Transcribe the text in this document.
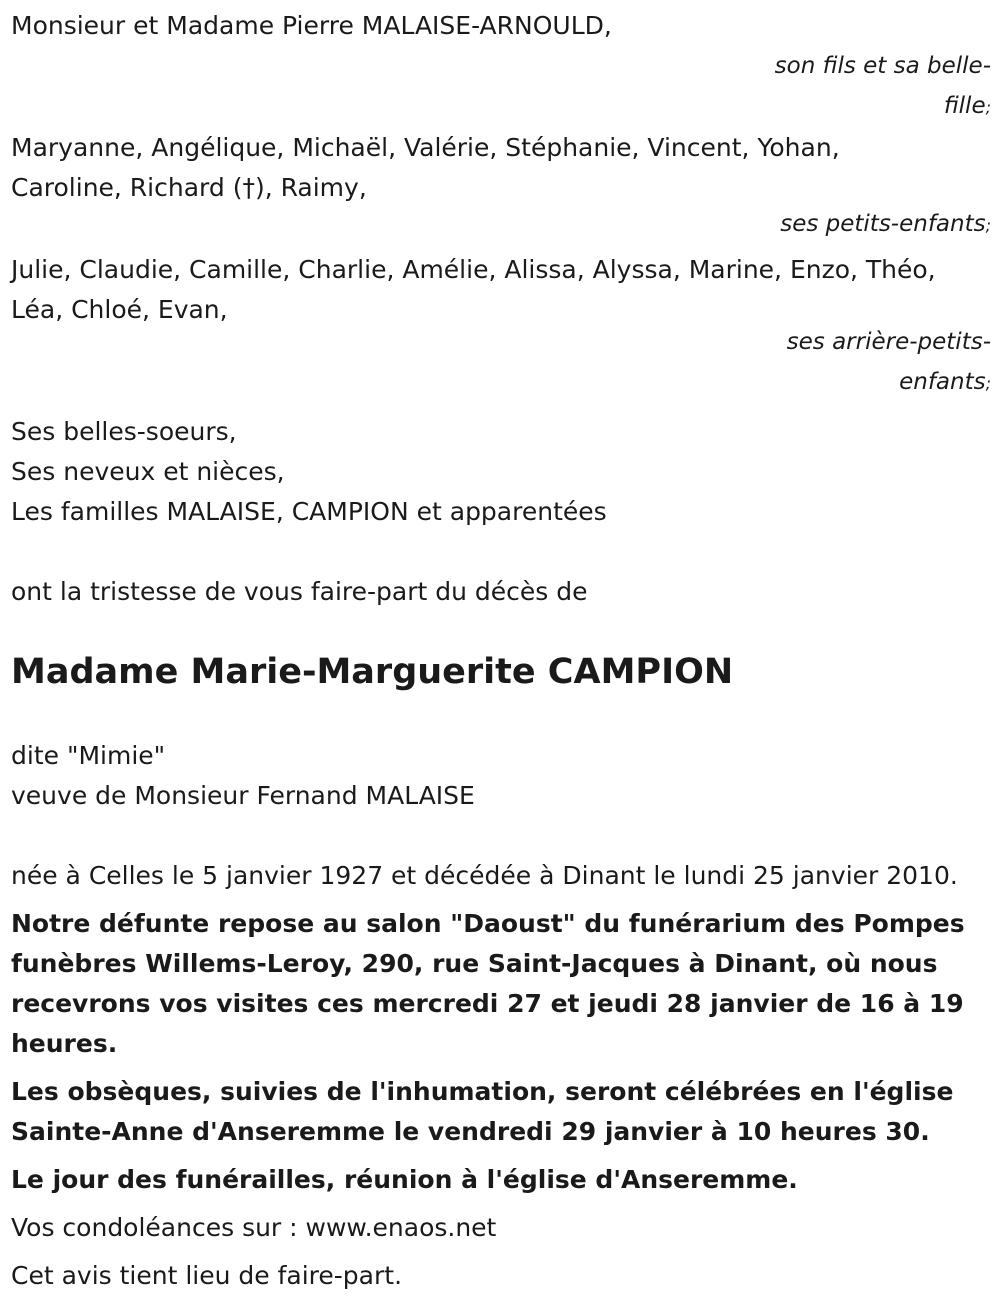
Monsieur et Madame Pierre MALAISE-ARNOULD,
son fils et sa belle-
fille;
Maryanne, Angélique, Michaël, Valérie, Stéphanie, Vincent, Yohan,
Caroline, Richard (†), Raimy,
ses petits-enfants;
Julie, Claudie, Camille, Charlie, Amélie, Alissa, Alyssa, Marine, Enzo, Théo,
Léa, Chloé, Evan,
ses arrière-petits-
enfants;
Ses belles-soeurs,
Ses neveux et nièces,
Les familles MALAISE, CAMPION et apparentées
ont la tristesse de vous faire-part du décès de
Madame Marie-Marguerite CAMPION
dite "Mimie"
veuve de Monsieur Fernand MALAISE
née à Celles le 5 janvier 1927 et décédée à Dinant le lundi 25 janvier 2010.
Notre défunte repose au salon "Daoust" du funérarium des Pompes
funèbres Willems-Leroy, 290, rue Saint-Jacques à Dinant, où nous
recevrons vos visites ces mercredi 27 et jeudi 28 janvier de 16 à 19
heures.
Les obsèques, suivies de l'inhumation, seront célébrées en l'église
Sainte-Anne d'Anseremme le vendredi 29 janvier à 10 heures 30.
Le jour des funérailles, réunion à l'église d'Anseremme.
Vos condoléances sur : www.enaos.net
Cet avis tient lieu de faire-part.
